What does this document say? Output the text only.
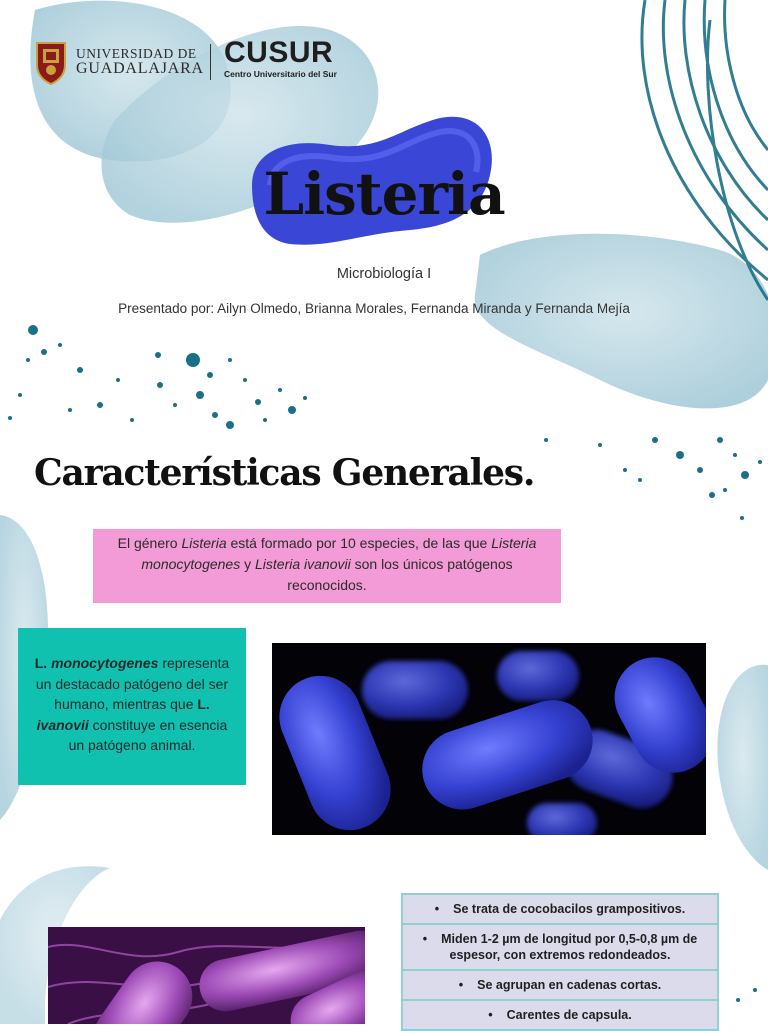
UNIVERSIDAD DE
GUADALAJARA CUSUR
Centro Universitario del Sur
Listeria
Microbiología I
Presentado por: Ailyn Olmedo, Brianna Morales, Fernanda Miranda y Fernanda Mejía
Características Generales.
El género Listeria está formado por 10 especies, de las que Listeria monocytogenes y Listeria ivanovii son los únicos patógenos reconocidos.
L. monocytogenes representa un destacado patógeno del ser humano, mientras que L. ivanovii constituye en esencia un patógeno animal.
• Se trata de cocobacilos grampositivos.
• Miden 1-2 µm de longitud por 0,5-0,8 µm de espesor, con extremos redondeados.
• Se agrupan en cadenas cortas.
• Carentes de capsula.
